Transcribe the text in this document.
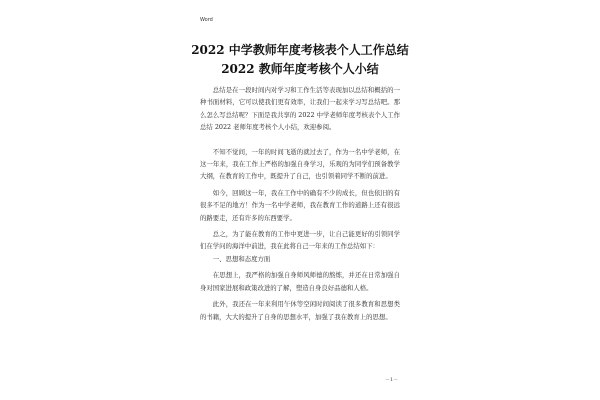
Word
2022 中学教师年度考核表个人工作总结
2022 教师年度考核个人小结

总结是在一段时间内对学习和工作生活等表现加以总结和概括的一种书面材料，它可以使我们更有效率，让我们一起来学习写总结吧。那么怎么写总结呢？下面是我共享的 2022 中学老师年度考核表个人工作总结 2022 老师年度考核个人小结，欢迎参阅。

不知不觉间，一年的时间飞逝的就过去了，作为一名中学老师，在这一年来，我在工作上严格的加强自身学习，乐观的为同学们预备教学大纲，在教育的工作中，既提升了自己，也引领着同学不断的前进。

如今，回顾这一年，我在工作中的确有不少的成长，但也依旧的有很多不足的地方！作为一名中学老师，我在教育工作的道路上还有很远的路要走，还有许多的东西要学。

总之，为了能在教育的工作中更进一步，让自己能更好的引领同学们在学问的海洋中前进，我在此将自己一年来的工作总结如下：

一、思想和态度方面

在思想上，我严格的加强自身师风师德的熬炼，并还在日常加强自身对国家进展和政策改进的了解，塑造自身良好品德和人格。

此外，我还在一年来利用午休等空闲时间阅读了很多教育和思想类的书籍，大大的提升了自身的思想水平，加强了我在教育上的思想。

－1－
